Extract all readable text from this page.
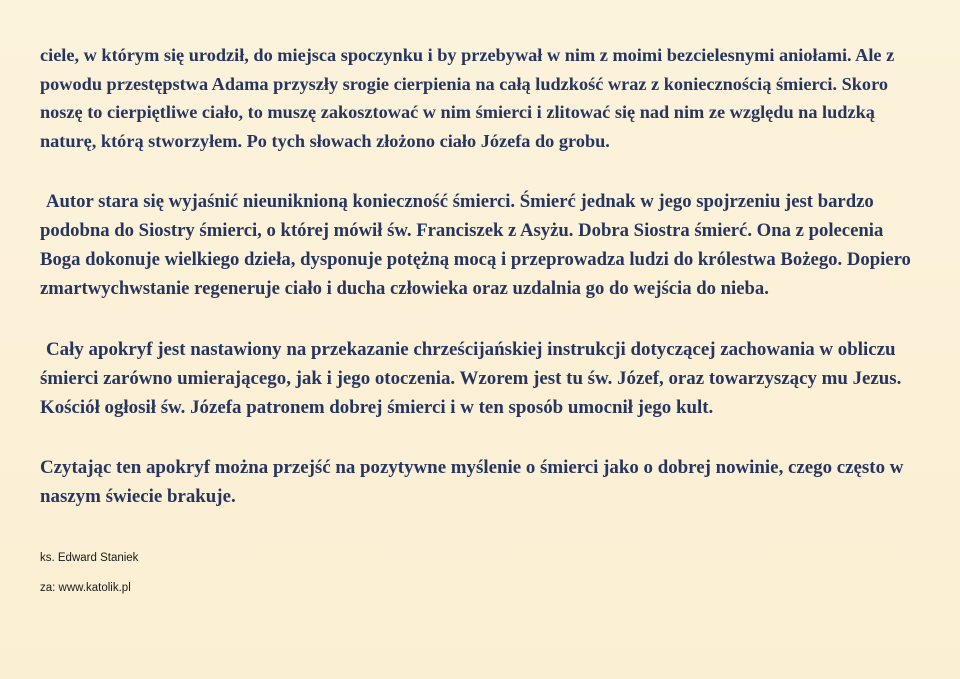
ciele, w którym się urodził, do miejsca spoczynku i by przebywał w nim z moimi bezcielesnymi aniołami. Ale z powodu przestępstwa Adama przyszły srogie cierpienia na całą ludzkość wraz z koniecznością śmierci. Skoro noszę to cierpiętliwe ciało, to muszę zakosztować w nim śmierci i zlitować się nad nim ze względu na ludzką naturę, którą stworzyłem. Po tych słowach złożono ciało Józefa do grobu.

Autor stara się wyjaśnić nieuniknioną konieczność śmierci. Śmierć jednak w jego spojrzeniu jest bardzo podobna do Siostry śmierci, o której mówił św. Franciszek z Asyżu. Dobra Siostra śmierć. Ona z polecenia Boga dokonuje wielkiego dzieła, dysponuje potężną mocą i przeprowadza ludzi do królestwa Bożego. Dopiero zmartwychwstanie regeneruje ciało i ducha człowieka oraz uzdalnia go do wejścia do nieba.

Cały apokryf jest nastawiony na przekazanie chrześcijańskiej instrukcji dotyczącej zachowania w obliczu śmierci zarówno umierającego, jak i jego otoczenia. Wzorem jest tu św. Józef, oraz towarzyszący mu Jezus. Kościół ogłosił św. Józefa patronem dobrej śmierci i w ten sposób umocnił jego kult.

Czytając ten apokryf można przejść na pozytywne myślenie o śmierci jako o dobrej nowinie, czego często w naszym świecie brakuje.

ks. Edward Staniek

za: www.katolik.pl
